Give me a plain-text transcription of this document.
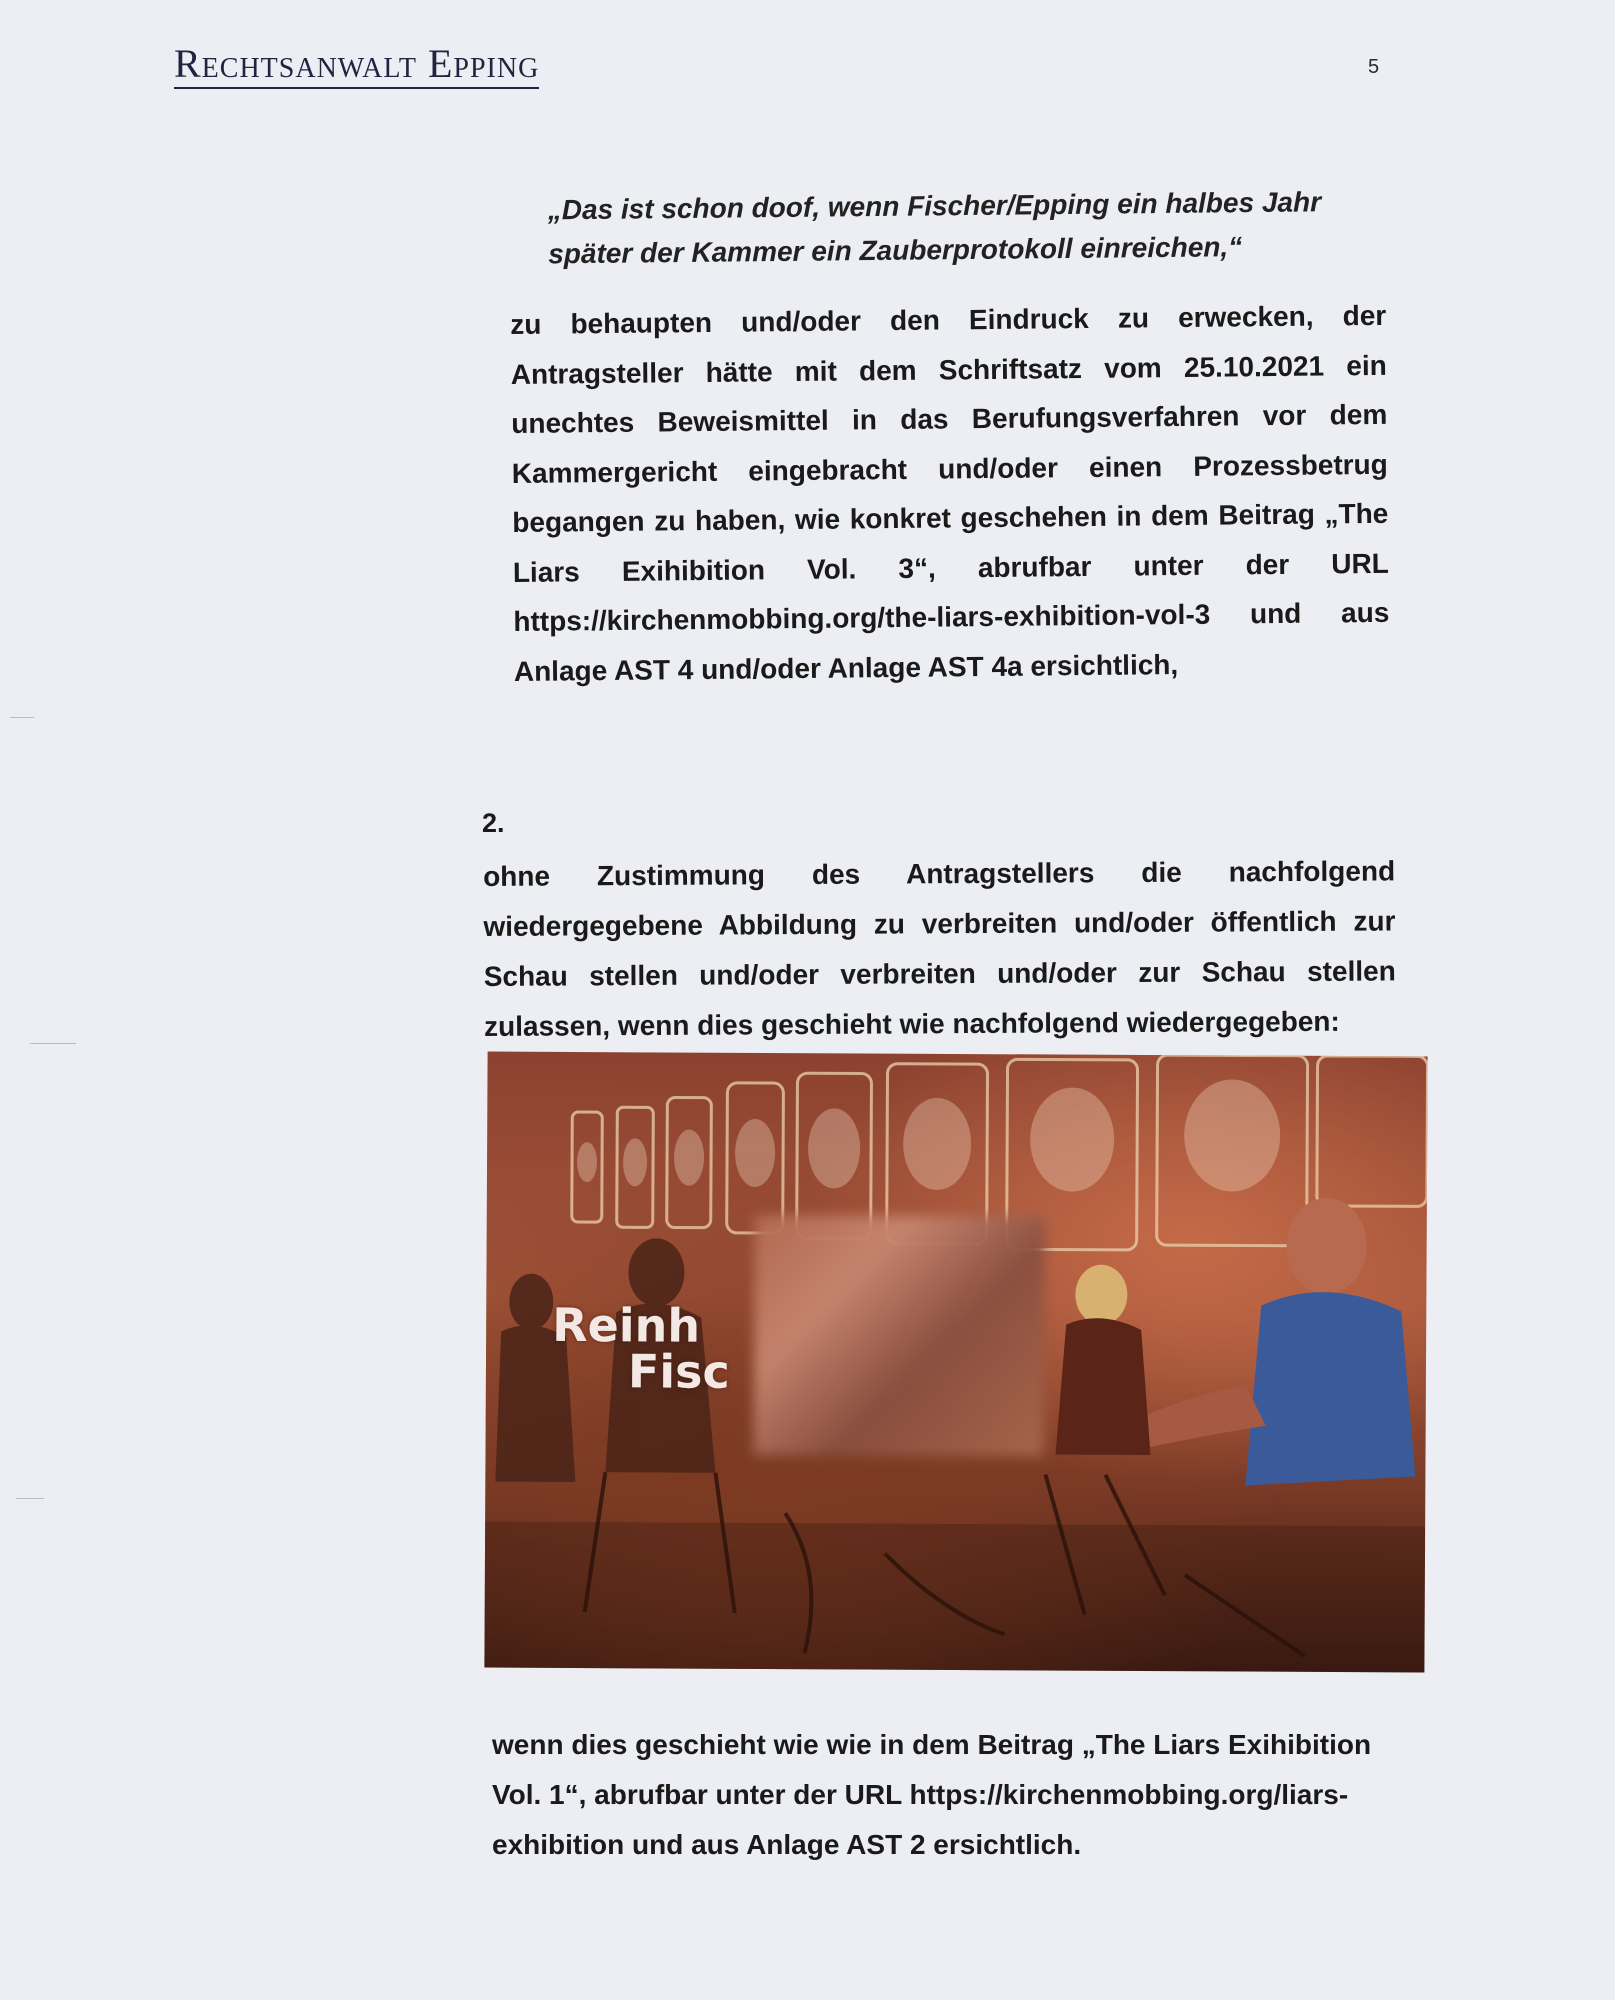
Rechtsanwalt Epping	5
„Das ist schon doof, wenn Fischer/Epping ein halbes Jahr später der Kammer ein Zauberprotokoll einreichen,“

zu behaupten und/oder den Eindruck zu erwecken, der Antragsteller hätte mit dem Schriftsatz vom 25.10.2021 ein unechtes Beweismittel in das Berufungsverfahren vor dem Kammergericht eingebracht und/oder einen Prozessbetrug begangen zu haben, wie konkret geschehen in dem Beitrag „The Liars Exihibition Vol. 3“, abrufbar unter der URL https://kirchenmobbing.org/the-liars-exhibition-vol-3 und aus Anlage AST 4 und/oder Anlage AST 4a ersichtlich,

2.

ohne Zustimmung des Antragstellers die nachfolgend wiedergegebene Abbildung zu verbreiten und/oder öffentlich zur Schau stellen und/oder verbreiten und/oder zur Schau stellen zulassen, wenn dies geschieht wie nachfolgend wiedergegeben:

Reinh
Fisc

wenn dies geschieht wie wie in dem Beitrag „The Liars Exihibition Vol. 1“, abrufbar unter der URL https://kirchenmobbing.org/liars-exhibition und aus Anlage AST 2 ersichtlich.
